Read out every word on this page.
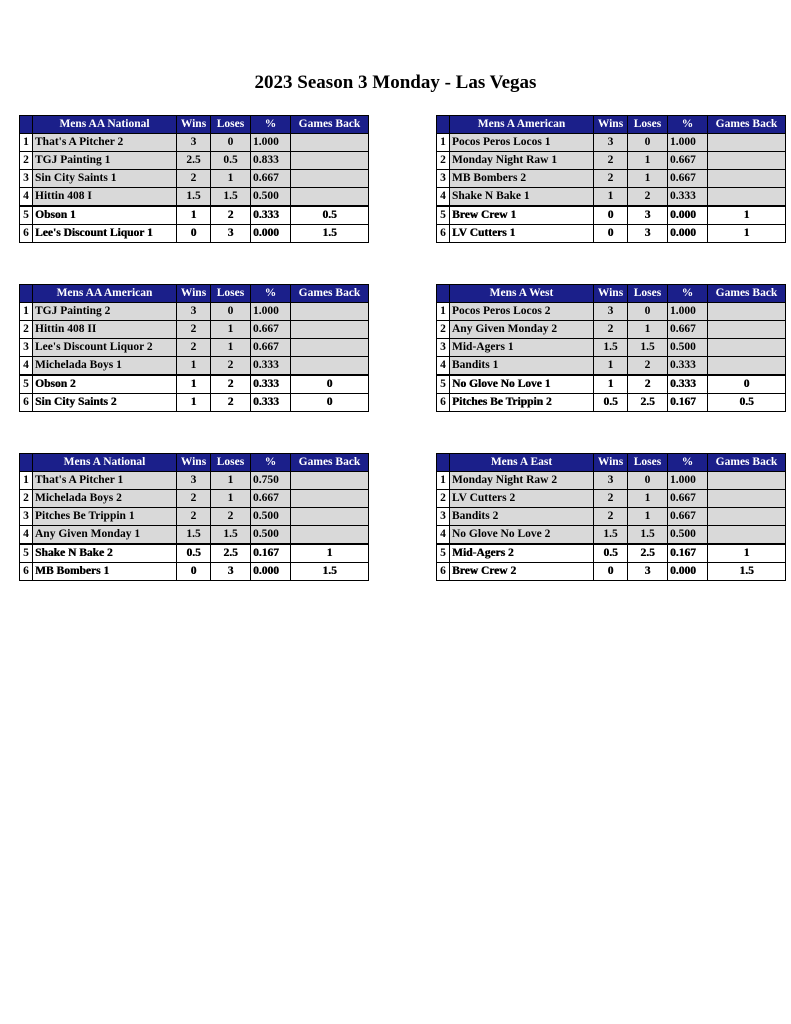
2023 Season 3 Monday - Las Vegas
	Mens AA National	Wins	Loses	%	Games Back
1	That's A Pitcher 2	3	0	1.000	
2	TGJ Painting 1	2.5	0.5	0.833	
3	Sin City Saints 1	2	1	0.667	
4	Hittin 408 I	1.5	1.5	0.500	
5	Obson 1	1	2	0.333	0.5
6	Lee's Discount Liquor 1	0	3	0.000	1.5
	Mens A American	Wins	Loses	%	Games Back
1	Pocos Peros Locos 1	3	0	1.000	
2	Monday Night Raw 1	2	1	0.667	
3	MB Bombers 2	2	1	0.667	
4	Shake N Bake 1	1	2	0.333	
5	Brew Crew 1	0	3	0.000	1
6	LV Cutters 1	0	3	0.000	1
	Mens AA American	Wins	Loses	%	Games Back
1	TGJ Painting 2	3	0	1.000	
2	Hittin 408 II	2	1	0.667	
3	Lee's Discount Liquor 2	2	1	0.667	
4	Michelada Boys 1	1	2	0.333	
5	Obson 2	1	2	0.333	0
6	Sin City Saints 2	1	2	0.333	0
	Mens A West	Wins	Loses	%	Games Back
1	Pocos Peros Locos 2	3	0	1.000	
2	Any Given Monday 2	2	1	0.667	
3	Mid-Agers 1	1.5	1.5	0.500	
4	Bandits 1	1	2	0.333	
5	No Glove No Love 1	1	2	0.333	0
6	Pitches Be Trippin 2	0.5	2.5	0.167	0.5
	Mens A National	Wins	Loses	%	Games Back
1	That's A Pitcher 1	3	1	0.750	
2	Michelada Boys 2	2	1	0.667	
3	Pitches Be Trippin 1	2	2	0.500	
4	Any Given Monday 1	1.5	1.5	0.500	
5	Shake N Bake 2	0.5	2.5	0.167	1
6	MB Bombers 1	0	3	0.000	1.5
	Mens A East	Wins	Loses	%	Games Back
1	Monday Night Raw 2	3	0	1.000	
2	LV Cutters 2	2	1	0.667	
3	Bandits 2	2	1	0.667	
4	No Glove No Love 2	1.5	1.5	0.500	
5	Mid-Agers 2	0.5	2.5	0.167	1
6	Brew Crew 2	0	3	0.000	1.5
